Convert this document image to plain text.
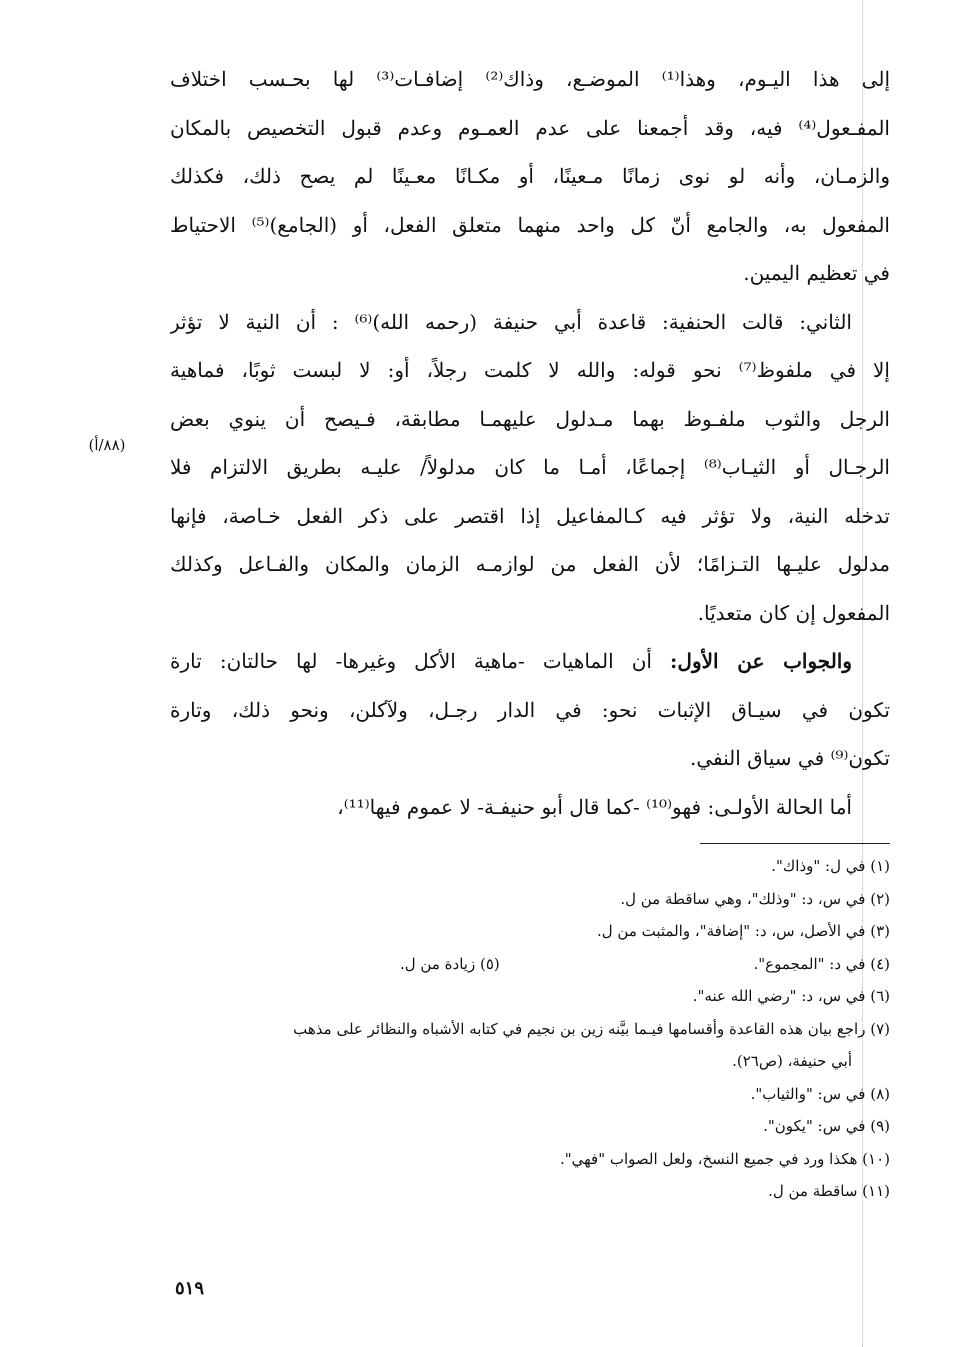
إلى هذا اليـوم، وهذا⁽¹⁾ الموضـع، وذاك⁽²⁾ إضافـات⁽³⁾ لها بحـسب اختلاف
المفـعول⁽⁴⁾ فيه، وقد أجمعنا على عدم العمـوم وعدم قبول التخصيص بالمكان
والزمـان، وأنه لو نوى زمانًا مـعينًا، أو مكـانًا معـينًا لم يصح ذلك، فكذلك
المفعول به، والجامع أنّ كل واحد منهما متعلق الفعل، أو (الجامع)⁽⁵⁾ الاحتياط
في تعظيم اليمين.

الثاني: قالت الحنفية: قاعدة أبي حنيفة (رحمه الله)⁽⁶⁾ : أن النية لا تؤثر
إلا في ملفوظ⁽⁷⁾ نحو قوله: والله لا كلمت رجلاً، أو: لا لبست ثوبًا، فماهية
الرجل والثوب ملفـوظ بهما مـدلول عليهمـا مطابقة، فـيصح أن ينوي بعض
الرجـال أو الثيـاب⁽⁸⁾ إجماعًا، أمـا ما كان مدلولاً/ عليـه بطريق الالتزام فلا
تدخله النية، ولا تؤثر فيه كـالمفاعيل إذا اقتصر على ذكر الفعل خـاصة، فإنها
مدلول عليـها التـزامًا؛ لأن الفعل من لوازمـه الزمان والمكان والفـاعل وكذلك
المفعول إن كان متعديًا.

والجواب عن الأول: أن الماهيات -ماهية الأكل وغيرها- لها حالتان: تارة
تكون في سيـاق الإثبات نحو: في الدار رجـل، ولآكلن، ونحو ذلك، وتارة
تكون⁽⁹⁾ في سياق النفي.

أما الحالة الأولـى: فهو⁽¹⁰⁾ -كما قال أبو حنيفـة- لا عموم فيها⁽¹¹⁾،

(٨٨/أ)
(١) في ل: "وذاك".
(٢) في س، د: "وذلك"، وهي ساقطة من ل.
(٣) في الأصل، س، د: "إضافة"، والمثبت من ل.
(٤) في د: "المجموع".
(٥) زيادة من ل.
(٦) في س، د: "رضي الله عنه".
(٧) راجع بيان هذه القاعدة وأقسامها فيـما بيَّنه زين بن نجيم في كتابه الأشباه والنظائر على مذهب
أبي حنيفة، (ص٢٦).
(٨) في س: "والثياب".
(٩) في س: "يكون".
(١٠) هكذا ورد في جميع النسخ، ولعل الصواب "فهي".
(١١) ساقطة من ل.
٥١٩
